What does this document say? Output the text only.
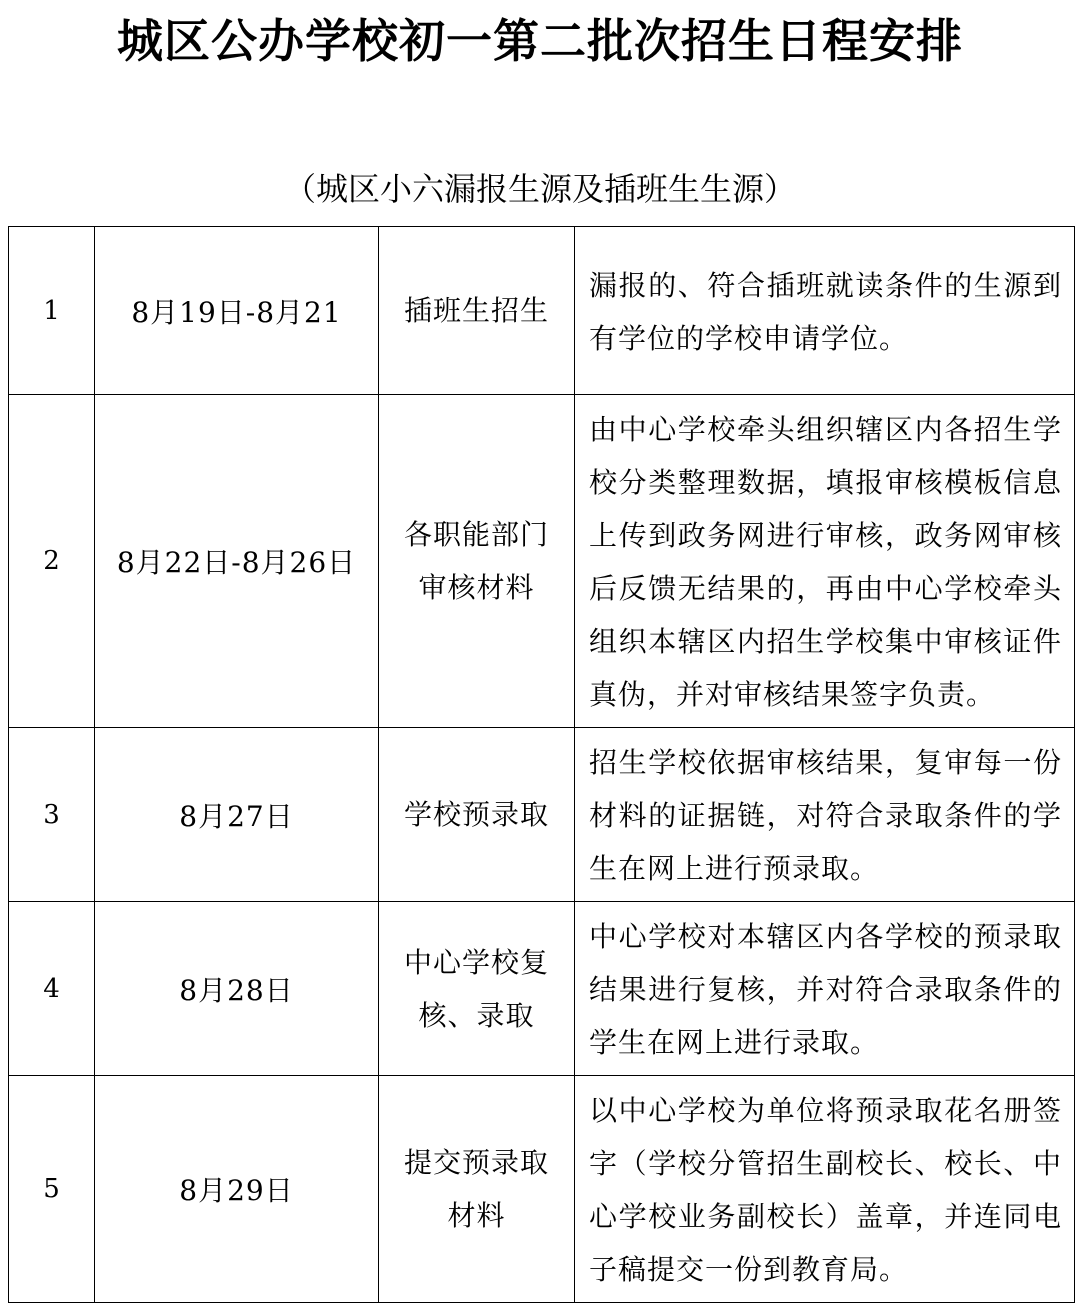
城区公办学校初一第二批次招生日程安排

（城区小六漏报生源及插班生生源）

1	8月19日-8月21	插班生招生	漏报的、符合插班就读条件的生源到有学位的学校申请学位。
2	8月22日-8月26日	各职能部门审核材料	由中心学校牵头组织辖区内各招生学校分类整理数据，填报审核模板信息上传到政务网进行审核，政务网审核后反馈无结果的，再由中心学校牵头组织本辖区内招生学校集中审核证件真伪，并对审核结果签字负责。
3	8月27日	学校预录取	招生学校依据审核结果，复审每一份材料的证据链，对符合录取条件的学生在网上进行预录取。
4	8月28日	中心学校复核、录取	中心学校对本辖区内各学校的预录取结果进行复核，并对符合录取条件的学生在网上进行录取。
5	8月29日	提交预录取材料	以中心学校为单位将预录取花名册签字（学校分管招生副校长、校长、中心学校业务副校长）盖章，并连同电子稿提交一份到教育局。
